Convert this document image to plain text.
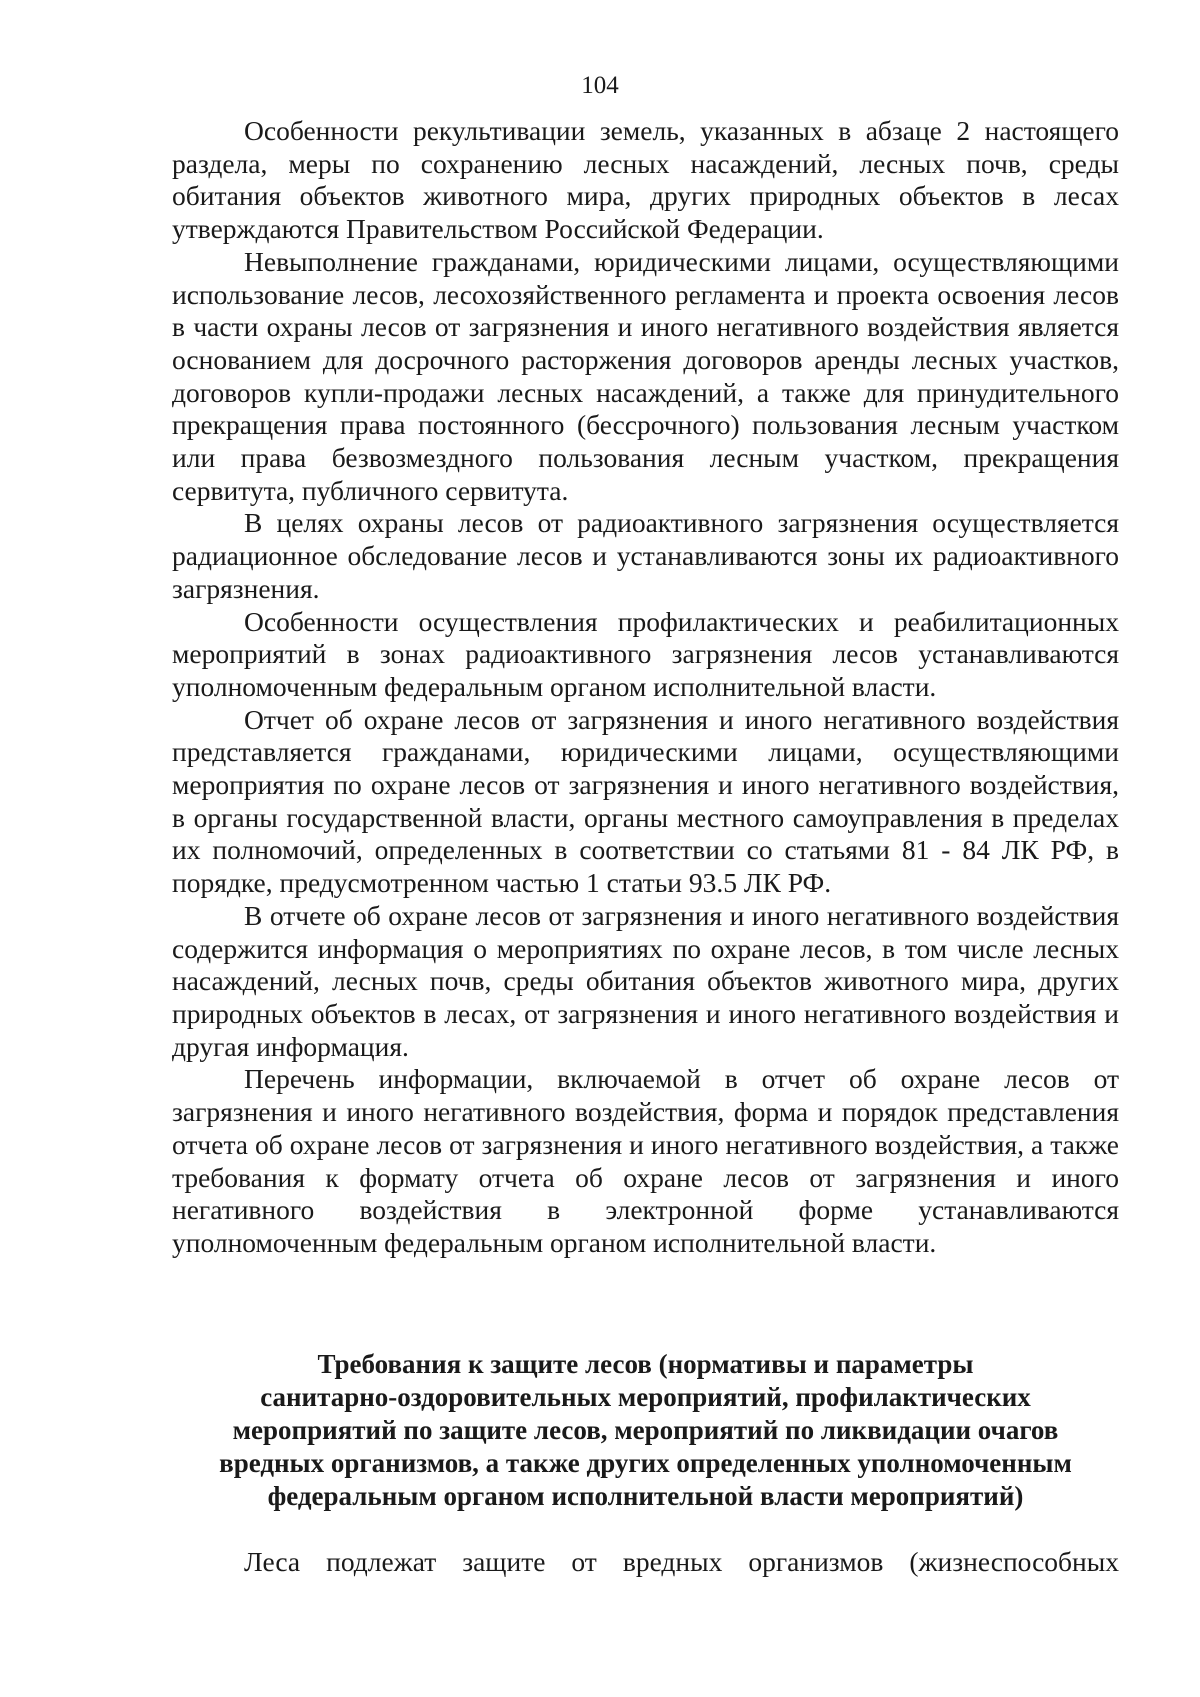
104

Особенности рекультивации земель, указанных в абзаце 2 настоящего раздела, меры по сохранению лесных насаждений, лесных почв, среды обитания объектов животного мира, других природных объектов в лесах утверждаются Правительством Российской Федерации.

Невыполнение гражданами, юридическими лицами, осуществляющими использование лесов, лесохозяйственного регламента и проекта освоения лесов в части охраны лесов от загрязнения и иного негативного воздействия является основанием для досрочного расторжения договоров аренды лесных участков, договоров купли-продажи лесных насаждений, а также для принудительного прекращения права постоянного (бессрочного) пользования лесным участком или права безвозмездного пользования лесным участком, прекращения сервитута, публичного сервитута.

В целях охраны лесов от радиоактивного загрязнения осуществляется радиационное обследование лесов и устанавливаются зоны их радиоактивного загрязнения.

Особенности осуществления профилактических и реабилитационных мероприятий в зонах радиоактивного загрязнения лесов устанавливаются уполномоченным федеральным органом исполнительной власти.

Отчет об охране лесов от загрязнения и иного негативного воздействия представляется гражданами, юридическими лицами, осуществляющими мероприятия по охране лесов от загрязнения и иного негативного воздействия, в органы государственной власти, органы местного самоуправления в пределах их полномочий, определенных в соответствии со статьями 81 - 84 ЛК РФ, в порядке, предусмотренном частью 1 статьи 93.5 ЛК РФ.

В отчете об охране лесов от загрязнения и иного негативного воздействия содержится информация о мероприятиях по охране лесов, в том числе лесных насаждений, лесных почв, среды обитания объектов животного мира, других природных объектов в лесах, от загрязнения и иного негативного воздействия и другая информация.

Перечень информации, включаемой в отчет об охране лесов от загрязнения и иного негативного воздействия, форма и порядок представления отчета об охране лесов от загрязнения и иного негативного воздействия, а также требования к формату отчета об охране лесов от загрязнения и иного негативного воздействия в электронной форме устанавливаются уполномоченным федеральным органом исполнительной власти.

Требования к защите лесов (нормативы и параметры
санитарно-оздоровительных мероприятий, профилактических
мероприятий по защите лесов, мероприятий по ликвидации очагов
вредных организмов, а также других определенных уполномоченным
федеральным органом исполнительной власти мероприятий)

Леса подлежат защите от вредных организмов (жизнеспособных
